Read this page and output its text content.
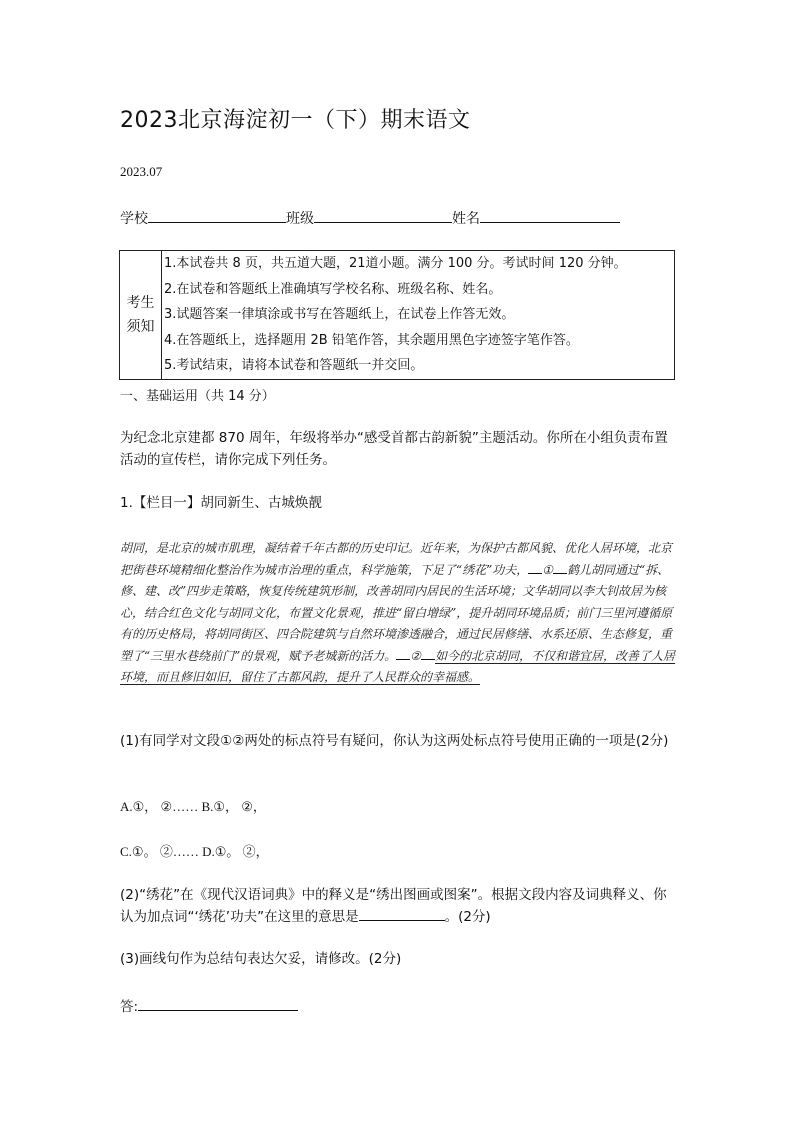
2023北京海淀初一（下）期末语文
2023.07
学校	班级	姓名
考生
须知
1.本试卷共 8 页，共五道大题，21道小题。满分 100 分。考试时间 120 分钟。
2.在试卷和答题纸上准确填写学校名称、班级名称、姓名。
3.试题答案一律填涂或书写在答题纸上，在试卷上作答无效。
4.在答题纸上，选择题用 2B 铅笔作答，其余题用黑色字迹签字笔作答。
5.考试结束，请将本试卷和答题纸一并交回。
一、基础运用（共 14 分）
为纪念北京建都 870 周年，年级将举办“感受首都古韵新貌”主题活动。你所在小组负责布置活动的宣传栏，请你完成下列任务。
1.【栏目一】胡同新生、古城焕靓
胡同，是北京的城市肌理，凝结着千年古都的历史印记。近年来，为保护古都风貌、优化人居环境，北京把街巷环境精细化整治作为城市治理的重点，科学施策，下足了“绣花”功夫， ① 鹤儿胡同通过“拆、修、建、改”四步走策略，恢复传统建筑形制，改善胡同内居民的生活环境；文华胡同以李大钊故居为核心，结合红色文化与胡同文化，布置文化景观，推进“留白增绿”，提升胡同环境品质；前门三里河遵循原有的历史格局，将胡同街区、四合院建筑与自然环境渗透融合，通过民居修缮、水系还原、生态修复，重塑了“三里水巷绕前门”的景观，赋予老城新的活力。 ② 如今的北京胡同，不仅和谐宜居，改善了人居环境，而且修旧如旧，留住了古都风韵，提升了人民群众的幸福感。
(1)有同学对文段①②两处的标点符号有疑问，你认为这两处标点符号使用正确的一项是(2分)
A.①， ②…… B.①， ②，
C.①。 ②…… D.①。 ②，
(2)“绣花”在《现代汉语词典》中的释义是“绣出图画或图案”。根据文段内容及词典释义、你认为加点词“‘绣花’功夫”在这里的意思是	。(2分)
(3)画线句作为总结句表达欠妥，请修改。(2分)
答:
